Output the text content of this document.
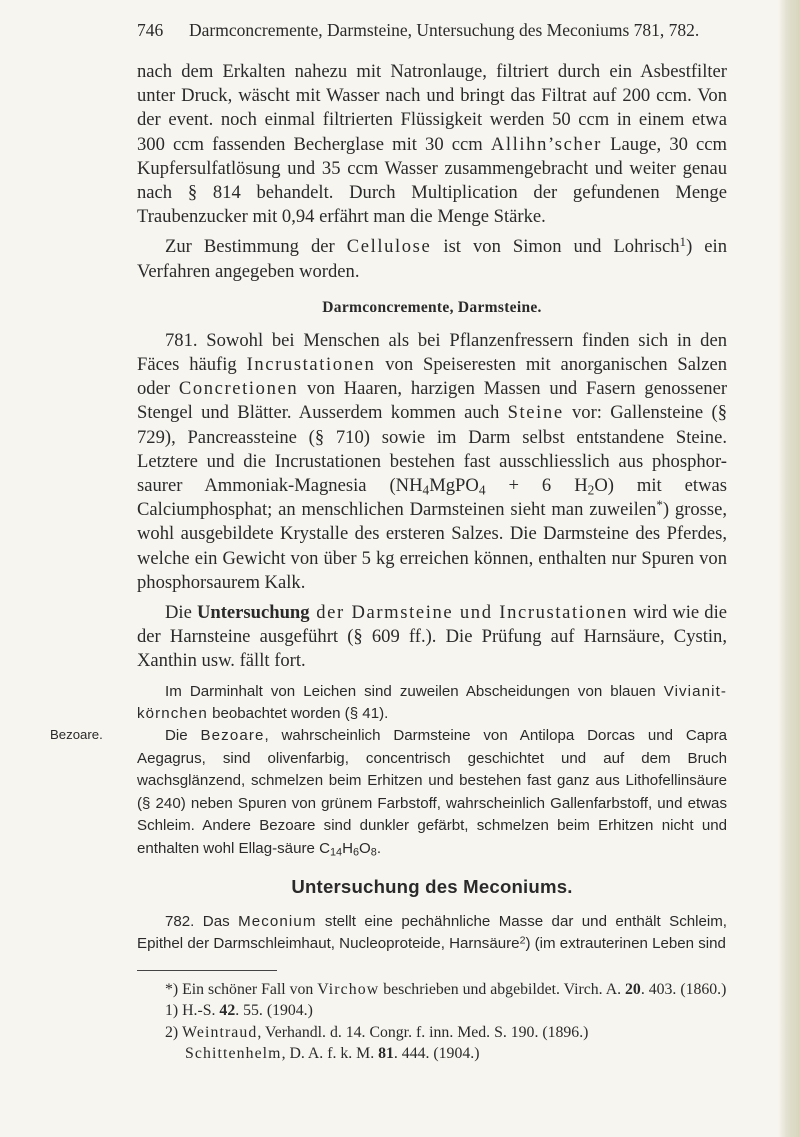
746	Darmconcremente, Darmsteine, Untersuchung des Meconiums 781, 782.

nach dem Erkalten nahezu mit Natronlauge, filtriert durch ein Asbestfilter unter Druck, wäscht mit Wasser nach und bringt das Filtrat auf 200 ccm. Von der event. noch einmal filtrierten Flüssigkeit werden 50 ccm in einem etwa 300 ccm fassenden Becherglase mit 30 ccm Allihn’scher Lauge, 30 ccm Kupfersulfatlösung und 35 ccm Wasser zusammengebracht und weiter genau nach § 814 behandelt. Durch Multiplication der gefundenen Menge Traubenzucker mit 0,94 erfährt man die Menge Stärke.

Zur Bestimmung der Cellulose ist von Simon und Lohrisch$^1$) ein Verfahren angegeben worden.

Darmconcremente, Darmsteine.

781. Sowohl bei Menschen als bei Pflanzenfressern finden sich in den Fäces häufig Incrustationen von Speiseresten mit anorganischen Salzen oder Concretionen von Haaren, harzigen Massen und Fasern genossener Stengel und Blätter. Ausserdem kommen auch Steine vor: Gallensteine (§ 729), Pancreassteine (§ 710) sowie im Darm selbst entstandene Steine. Letztere und die Incrustationen bestehen fast ausschliesslich aus phosphor-saurer Ammoniak-Magnesia ($NH_4MgPO_4 + 6$ $H_2O$) mit etwas Calciumphosphat; an menschlichen Darmsteinen sieht man zuweilen*) grosse, wohl ausgebildete Krystalle des ersteren Salzes. Die Darmsteine des Pferdes, welche ein Gewicht von über 5 kg erreichen können, enthalten nur Spuren von phosphorsaurem Kalk.

Die Untersuchung der Darmsteine und Incrustationen wird wie die der Harnsteine ausgeführt (§ 609 ff.). Die Prüfung auf Harnsäure, Cystin, Xanthin usw. fällt fort.

Im Darminhalt von Leichen sind zuweilen Abscheidungen von blauen Vivianit-körnchen beobachtet worden (§ 41).

Bezoare.	Die Bezoare, wahrscheinlich Darmsteine von Antilopa Dorcas und Capra Aegagrus, sind olivenfarbig, concentrisch geschichtet und auf dem Bruch wachsglänzend, schmelzen beim Erhitzen und bestehen fast ganz aus Lithofellinsäure (§ 240) neben Spuren von grünem Farbstoff, wahrscheinlich Gallenfarbstoff, und etwas Schleim. Andere Bezoare sind dunkler gefärbt, schmelzen beim Erhitzen nicht und enthalten wohl Ellag-säure $C_{14}H_6O_8$.

Untersuchung des Meconiums.

782. Das Meconium stellt eine pechähnliche Masse dar und enthält Schleim, Epithel der Darmschleimhaut, Nucleoproteide, Harnsäure$^2$) (im extrauterinen Leben sind

*) Ein schöner Fall von Virchow beschrieben und abgebildet. Virch. A. 20. 403. (1860.)

1) H.-S. 42. 55. (1904.)

2) Weintraud, Verhandl. d. 14. Congr. f. inn. Med. S. 190. (1896.)

Schittenhelm, D. A. f. k. M. 81. 444. (1904.)
